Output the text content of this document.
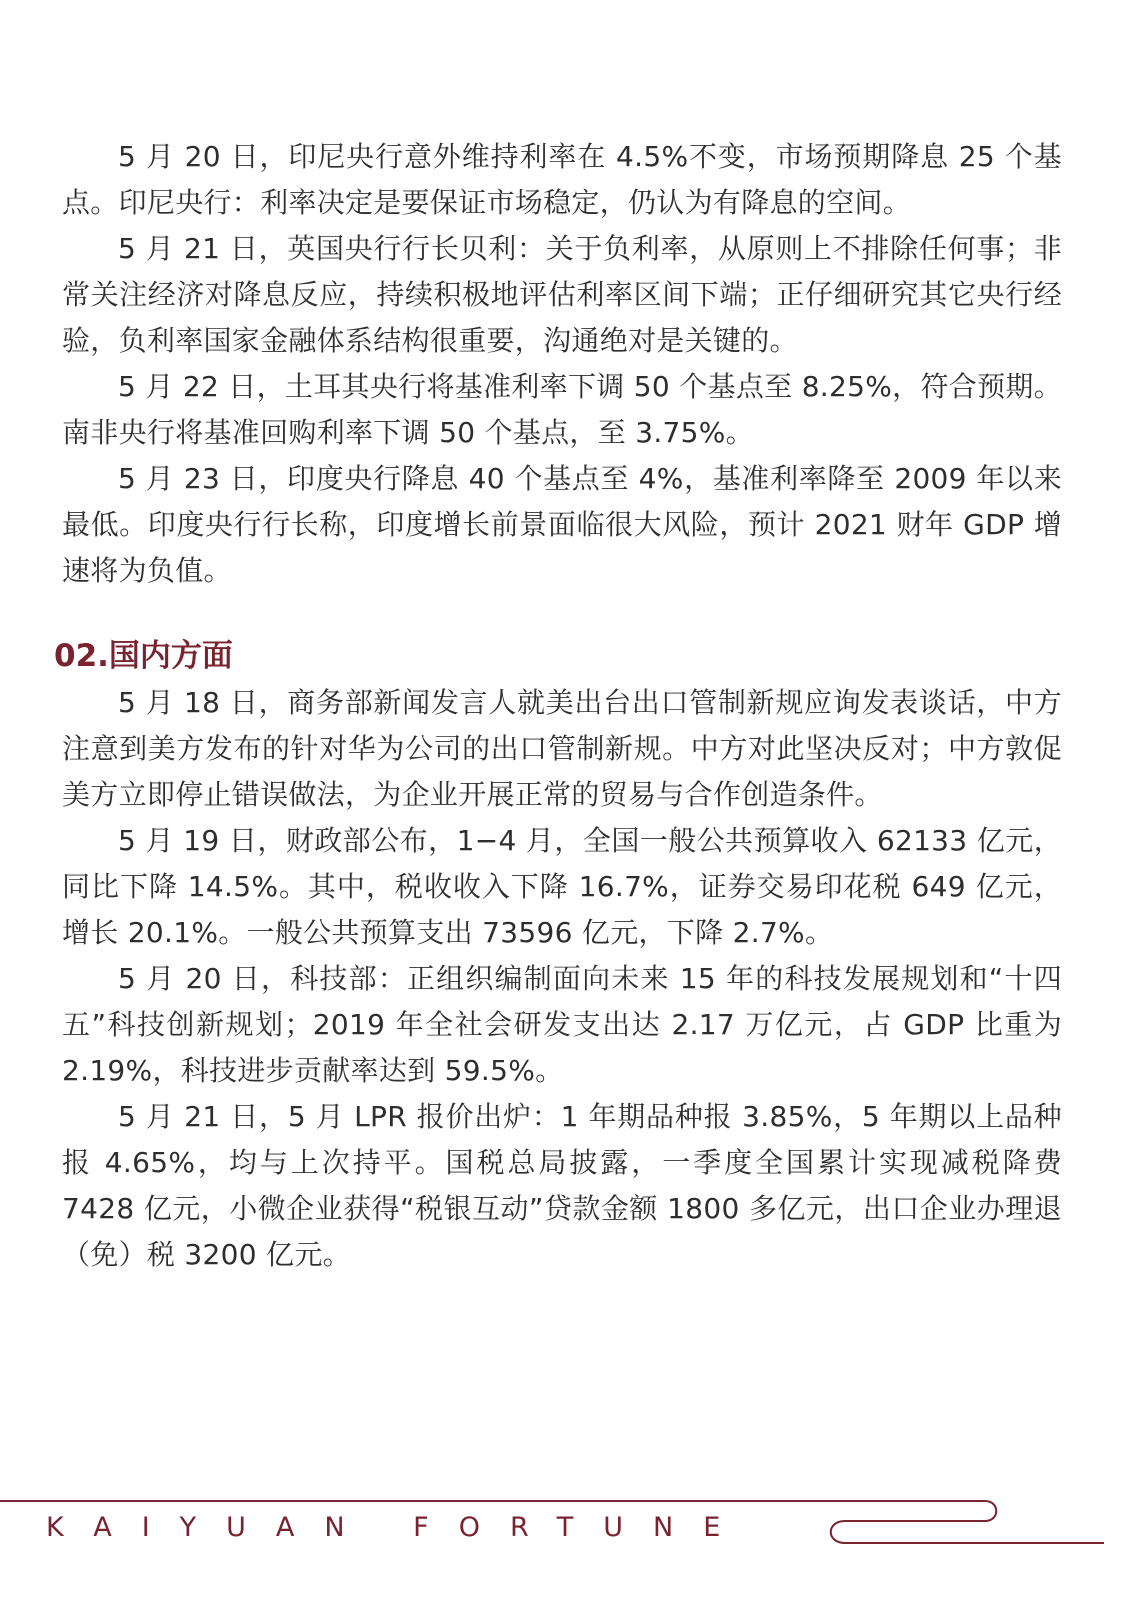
5 月 20 日，印尼央行意外维持利率在 4.5%不变，市场预期降息 25 个基点。印尼央行：利率决定是要保证市场稳定，仍认为有降息的空间。

5 月 21 日，英国央行行长贝利：关于负利率，从原则上不排除任何事；非常关注经济对降息反应，持续积极地评估利率区间下端；正仔细研究其它央行经验，负利率国家金融体系结构很重要，沟通绝对是关键的。

5 月 22 日，土耳其央行将基准利率下调 50 个基点至 8.25%，符合预期。南非央行将基准回购利率下调 50 个基点，至 3.75%。

5 月 23 日，印度央行降息 40 个基点至 4%，基准利率降至 2009 年以来最低。印度央行行长称，印度增长前景面临很大风险，预计 2021 财年 GDP 增速将为负值。

02.国内方面

5 月 18 日，商务部新闻发言人就美出台出口管制新规应询发表谈话，中方注意到美方发布的针对华为公司的出口管制新规。中方对此坚决反对；中方敦促美方立即停止错误做法，为企业开展正常的贸易与合作创造条件。

5 月 19 日，财政部公布，1−4 月，全国一般公共预算收入 62133 亿元，同比下降 14.5%。其中，税收收入下降 16.7%，证券交易印花税 649 亿元，增长 20.1%。一般公共预算支出 73596 亿元，下降 2.7%。

5 月 20 日，科技部：正组织编制面向未来 15 年的科技发展规划和“十四五”科技创新规划；2019 年全社会研发支出达 2.17 万亿元，占 GDP 比重为 2.19%，科技进步贡献率达到 59.5%。

5 月 21 日，5 月 LPR 报价出炉：1 年期品种报 3.85%，5 年期以上品种报 4.65%，均与上次持平。国税总局披露，一季度全国累计实现减税降费 7428 亿元，小微企业获得“税银互动”贷款金额 1800 多亿元，出口企业办理退（免）税 3200 亿元。

KAIYUAN FORTUNE
